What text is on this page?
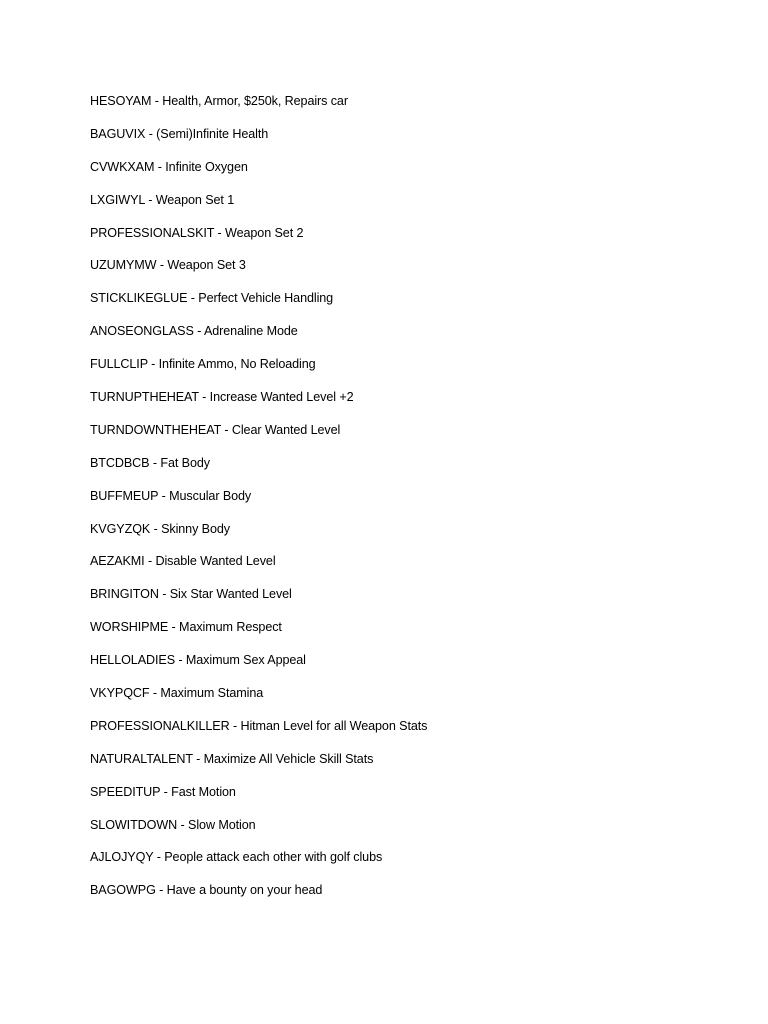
HESOYAM - Health, Armor, $250k, Repairs car
BAGUVIX - (Semi)Infinite Health
CVWKXAM - Infinite Oxygen
LXGIWYL - Weapon Set 1
PROFESSIONALSKIT - Weapon Set 2
UZUMYMW - Weapon Set 3
STICKLIKEGLUE - Perfect Vehicle Handling
ANOSEONGLASS - Adrenaline Mode
FULLCLIP - Infinite Ammo, No Reloading
TURNUPTHEHEAT - Increase Wanted Level +2
TURNDOWNTHEHEAT - Clear Wanted Level
BTCDBCB - Fat Body
BUFFMEUP - Muscular Body
KVGYZQK - Skinny Body
AEZAKMI - Disable Wanted Level
BRINGITON - Six Star Wanted Level
WORSHIPME - Maximum Respect
HELLOLADIES - Maximum Sex Appeal
VKYPQCF - Maximum Stamina
PROFESSIONALKILLER - Hitman Level for all Weapon Stats
NATURALTALENT - Maximize All Vehicle Skill Stats
SPEEDITUP - Fast Motion
SLOWITDOWN - Slow Motion
AJLOJYQY - People attack each other with golf clubs
BAGOWPG - Have a bounty on your head
